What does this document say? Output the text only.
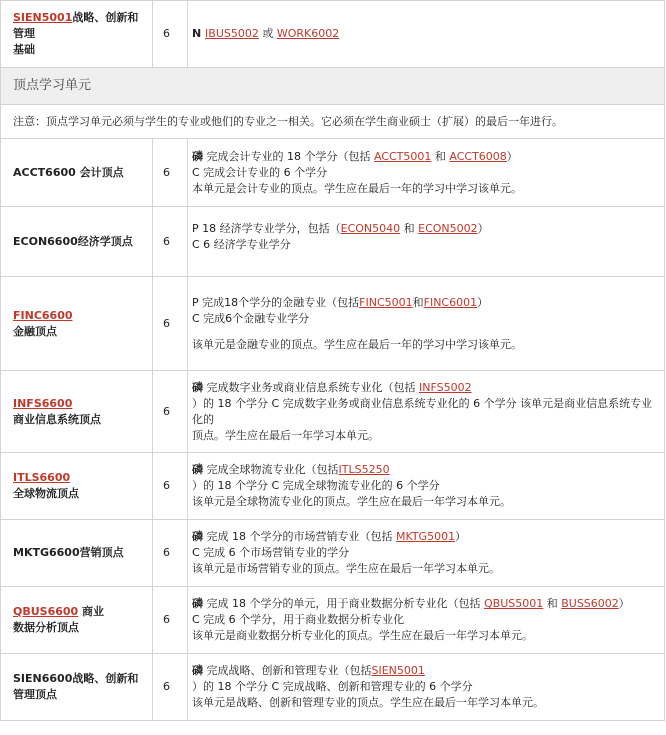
SIEN5001战略、创新和
管理
基础	6	N IBUS5002 或 WORK6002
顶点学习单元		
注意：顶点学习单元必须与学生的专业或他们的专业之一相关。它必须在学生商业硕士（扩展）的最后一年进行。		
ACCT6600 会计顶点	6	磷 完成会计专业的 18 个学分（包括 ACCT5001 和 ACCT6008）
C 完成会计专业的 6 个学分
本单元是会计专业的顶点。学生应在最后一年的学习中学习该单元。
ECON6600经济学顶点	6	P 18 经济学专业学分，包括（ECON5040 和 ECON5002）
C 6 经济学专业学分

FINC6600
金融顶点	6	P 完成18个学分的金融专业（包括FINC5001和FINC6001）
C 完成6个金融专业学分

该单元是金融专业的顶点。学生应在最后一年的学习中学习该单元。
INFS6600
商业信息系统顶点	6	磷 完成数字业务或商业信息系统专业化（包括 INFS5002
）的 18 个学分 C 完成数字业务或商业信息系统专业化的 6 个学分 该单元是商业信息系统专业化的
顶点。学生应在最后一年学习本单元。
ITLS6600
全球物流顶点	6	磷 完成全球物流专业化（包括ITLS5250
）的 18 个学分 C 完成全球物流专业化的 6 个学分
该单元是全球物流专业化的顶点。学生应在最后一年学习本单元。
MKTG6600营销顶点	6	磷 完成 18 个学分的市场营销专业（包括 MKTG5001）
C 完成 6 个市场营销专业的学分
该单元是市场营销专业的顶点。学生应在最后一年学习本单元。
QBUS6600 商业
数据分析顶点	6	磷 完成 18 个学分的单元，用于商业数据分析专业化（包括 QBUS5001 和 BUSS6002）
C 完成 6 个学分，用于商业数据分析专业化
该单元是商业数据分析专业化的顶点。学生应在最后一年学习本单元。
SIEN6600战略、创新和
管理顶点	6	磷 完成战略、创新和管理专业（包括SIEN5001
）的 18 个学分 C 完成战略、创新和管理专业的 6 个学分
该单元是战略、创新和管理专业的顶点。学生应在最后一年学习本单元。
